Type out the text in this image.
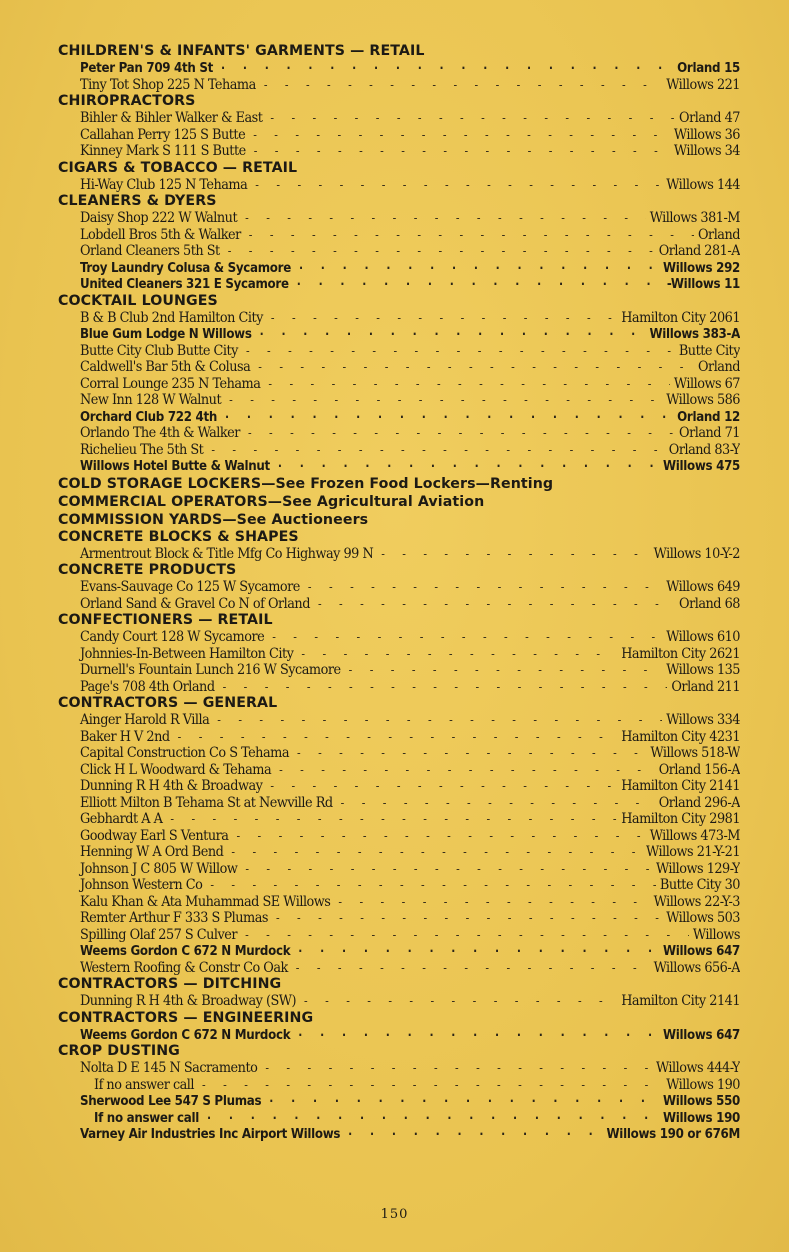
CHILDREN'S & INFANTS' GARMENTS — RETAIL
Peter Pan 709 4th St · · ·	Orland 15
Tiny Tot Shop 225 N Tehama - - -	Willows 221
CHIROPRACTORS
Bihler & Bihler Walker & East - - -	Orland 47
Callahan Perry 125 S Butte - - -	Willows 36
Kinney Mark S 111 S Butte - - -	Willows 34
CIGARS & TOBACCO — RETAIL
Hi-Way Club 125 N Tehama - - -	Willows 144
CLEANERS & DYERS
Daisy Shop 222 W Walnut - - -	Willows 381-M
Lobdell Bros 5th & Walker - - -	Orland
Orland Cleaners 5th St - - -	Orland 281-A
Troy Laundry Colusa & Sycamore · · ·	Willows 292
United Cleaners 321 E Sycamore · · ·	-Willows 11
COCKTAIL LOUNGES
B & B Club 2nd Hamilton City - - -	Hamilton City 2061
Blue Gum Lodge N Willows · · ·	Willows 383-A
Butte City Club Butte City - - -	Butte City
Caldwell's Bar 5th & Colusa - - -	Orland
Corral Lounge 235 N Tehama - - -	Willows 67
New Inn 128 W Walnut - - -	Willows 586
Orchard Club 722 4th · · ·	Orland 12
Orlando The 4th & Walker - - -	Orland 71
Richelieu The 5th St - - -	Orland 83-Y
Willows Hotel Butte & Walnut · · ·	Willows 475
COLD STORAGE LOCKERS—See Frozen Food Lockers—Renting
COMMERCIAL OPERATORS—See Agricultural Aviation
COMMISSION YARDS—See Auctioneers
CONCRETE BLOCKS & SHAPES
Armentrout Block & Title Mfg Co Highway 99 N - - -	Willows 10-Y-2
CONCRETE PRODUCTS
Evans-Sauvage Co 125 W Sycamore - - -	Willows 649
Orland Sand & Gravel Co N of Orland - - -	Orland 68
CONFECTIONERS — RETAIL
Candy Court 128 W Sycamore - - -	Willows 610
Johnnies-In-Between Hamilton City - - -	Hamilton City 2621
Durnell's Fountain Lunch 216 W Sycamore - - -	Willows 135
Page's 708 4th Orland - - -	Orland 211
CONTRACTORS — GENERAL
Ainger Harold R Villa - - -	Willows 334
Baker H V 2nd - - -	Hamilton City 4231
Capital Construction Co S Tehama - - -	Willows 518-W
Click H L Woodward & Tehama - - -	Orland 156-A
Dunning R H 4th & Broadway - - -	Hamilton City 2141
Elliott Milton B Tehama St at Newville Rd - - -	Orland 296-A
Gebhardt A A - - -	Hamilton City 2981
Goodway Earl S Ventura - - -	Willows 473-M
Henning W A Ord Bend - - -	Willows 21-Y-21
Johnson J C 805 W Willow - - -	Willows 129-Y
Johnson Western Co - - -	Butte City 30
Kalu Khan & Ata Muhammad SE Willows - - -	Willows 22-Y-3
Remter Arthur F 333 S Plumas - - -	Willows 503
Spilling Olaf 257 S Culver - - -	Willows
Weems Gordon C 672 N Murdock · · ·	Willows 647
Western Roofing & Constr Co Oak - - -	Willows 656-A
CONTRACTORS — DITCHING
Dunning R H 4th & Broadway (SW) - - -	Hamilton City 2141
CONTRACTORS — ENGINEERING
Weems Gordon C 672 N Murdock · · ·	Willows 647
CROP DUSTING
Nolta D E 145 N Sacramento - - -	Willows 444-Y
If no answer call - - -	Willows 190
Sherwood Lee 547 S Plumas · · ·	Willows 550
If no answer call · · ·	Willows 190
Varney Air Industries Inc Airport Willows · · ·	Willows 190 or 676M
150
